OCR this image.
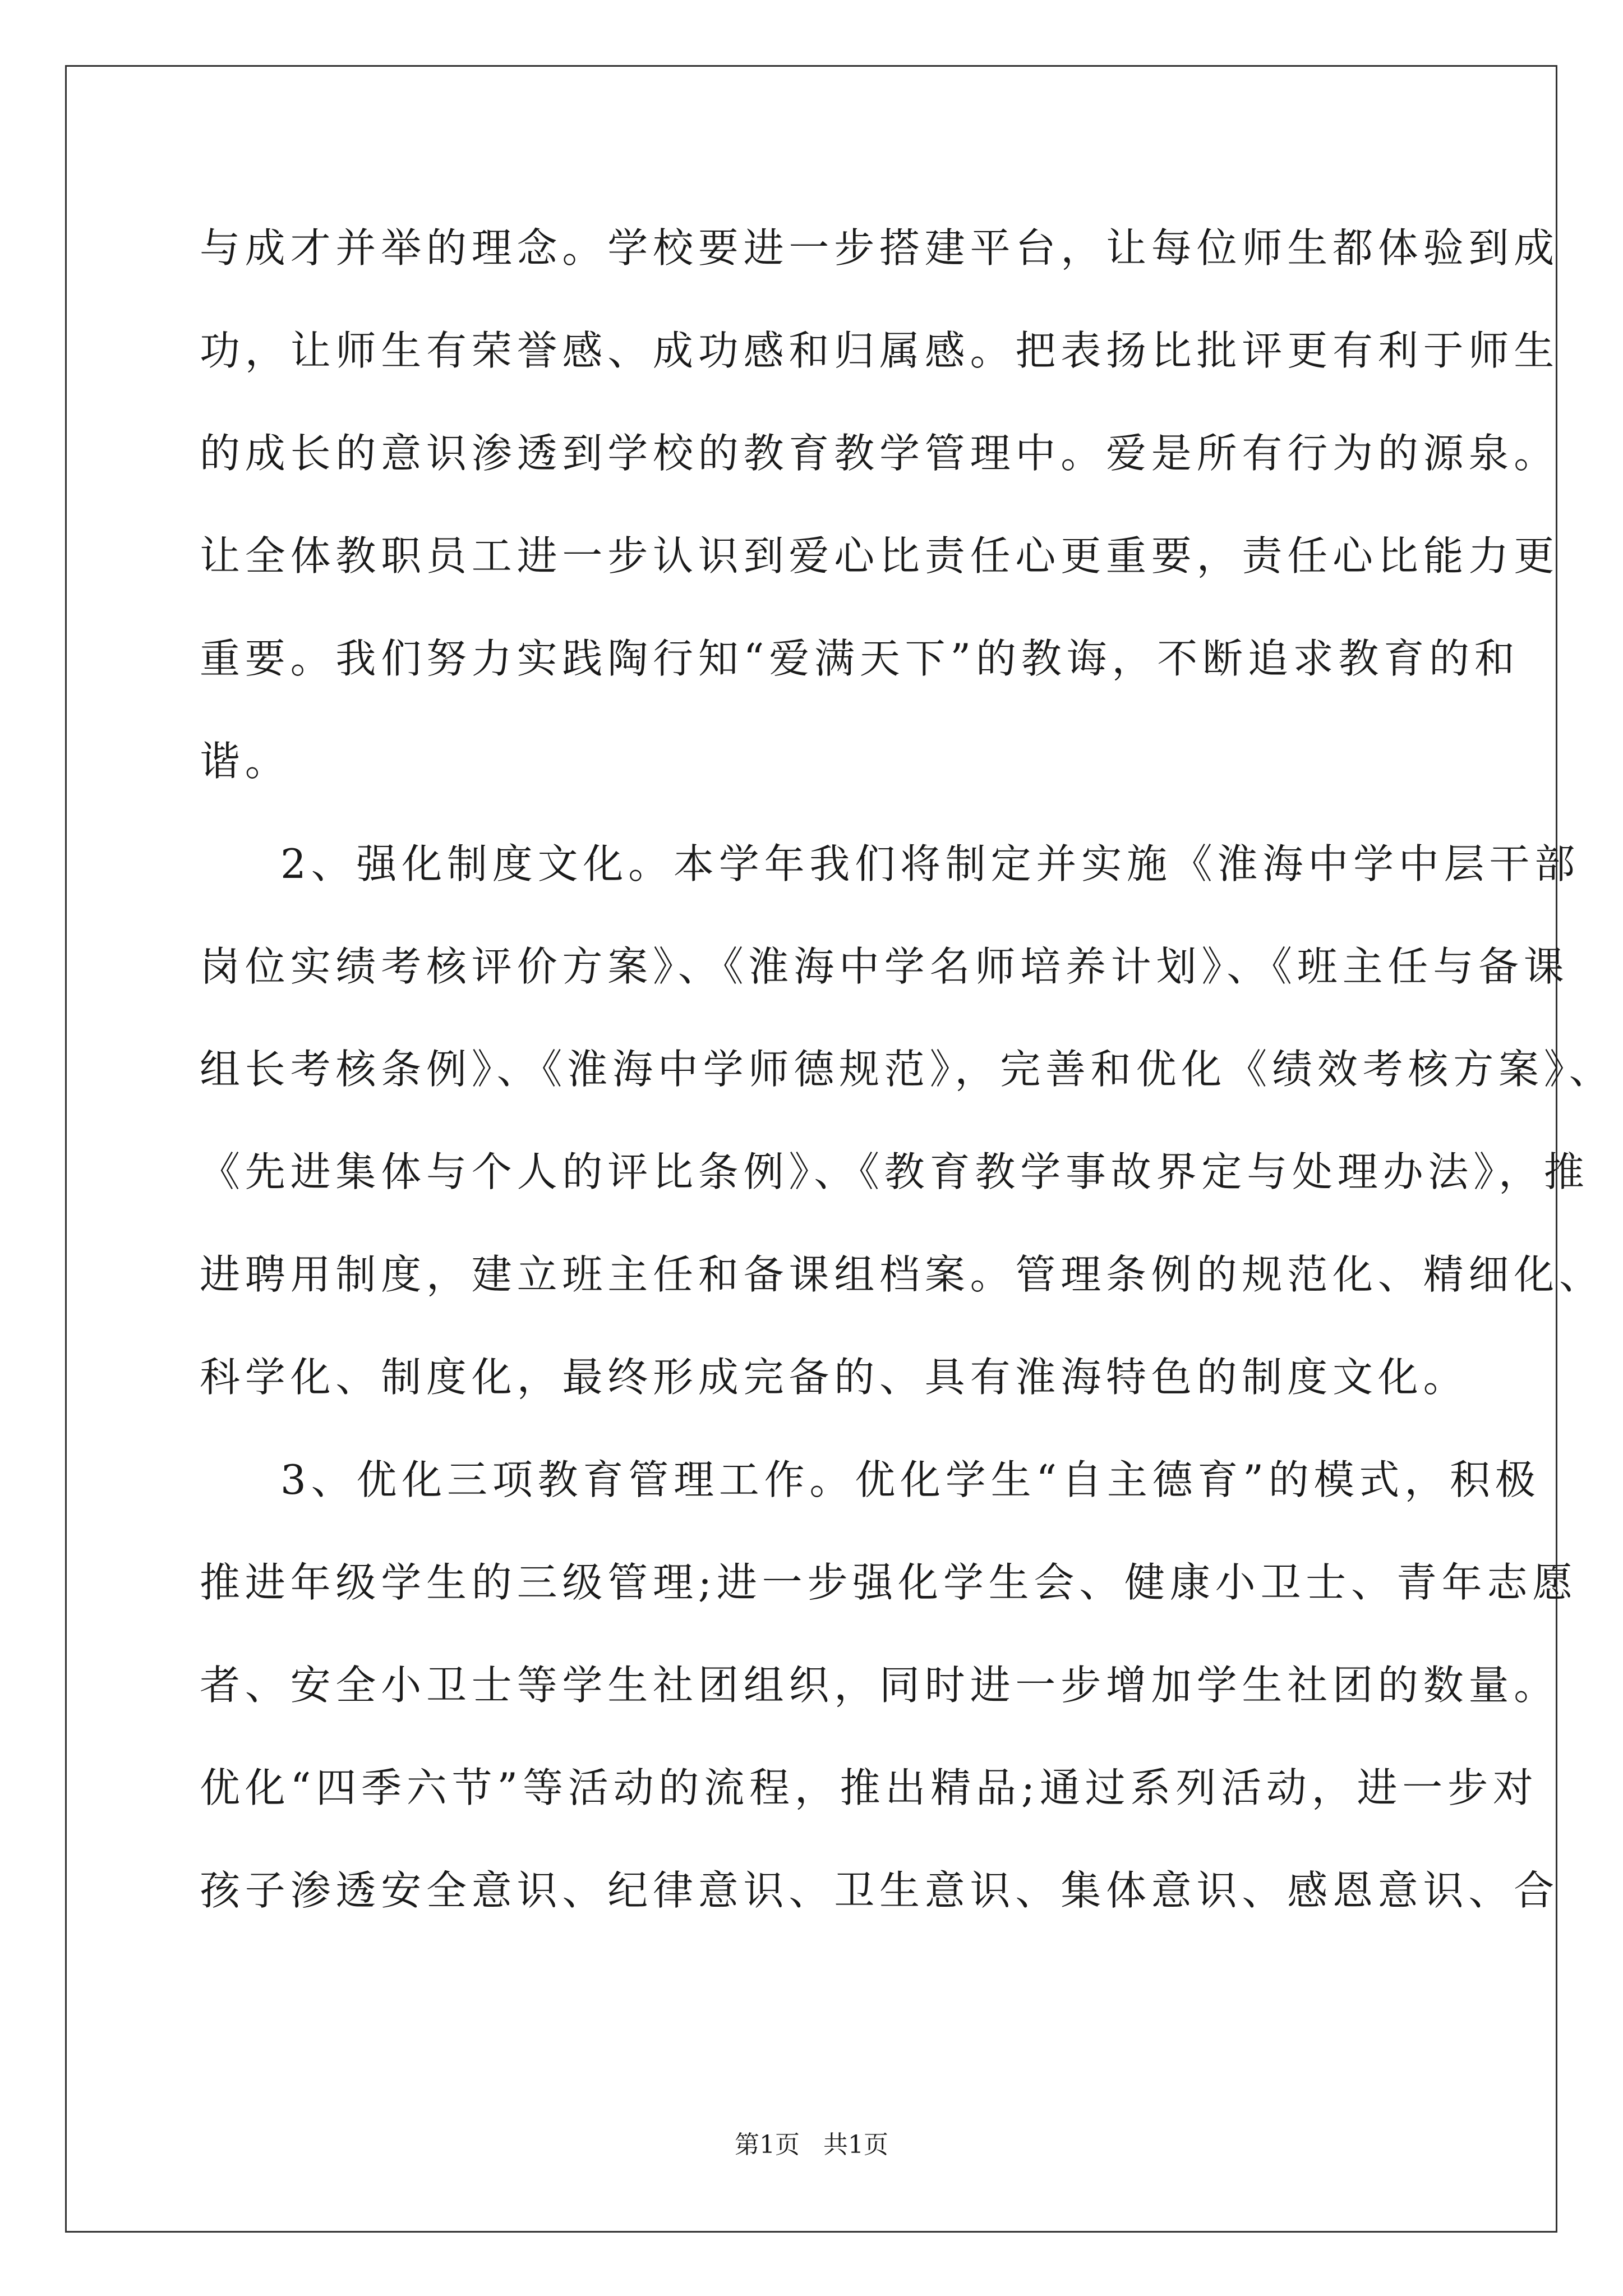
与成才并举的理念。学校要进一步搭建平台，让每位师生都体验到成
功，让师生有荣誉感、成功感和归属感。把表扬比批评更有利于师生
的成长的意识渗透到学校的教育教学管理中。爱是所有行为的源泉。
让全体教职员工进一步认识到爱心比责任心更重要，责任心比能力更
重要。我们努力实践陶行知“爱满天下”的教诲，不断追求教育的和
谐。
2、强化制度文化。本学年我们将制定并实施《淮海中学中层干部
岗位实绩考核评价方案》、《淮海中学名师培养计划》、《班主任与备课
组长考核条例》、《淮海中学师德规范》，完善和优化《绩效考核方案》、
《先进集体与个人的评比条例》、《教育教学事故界定与处理办法》，推
进聘用制度，建立班主任和备课组档案。管理条例的规范化、精细化、
科学化、制度化，最终形成完备的、具有淮海特色的制度文化。
3、优化三项教育管理工作。优化学生“自主德育”的模式，积极
推进年级学生的三级管理;进一步强化学生会、健康小卫士、青年志愿
者、安全小卫士等学生社团组织，同时进一步增加学生社团的数量。
优化“四季六节”等活动的流程，推出精品;通过系列活动，进一步对
孩子渗透安全意识、纪律意识、卫生意识、集体意识、感恩意识、合
第1页   共1页
